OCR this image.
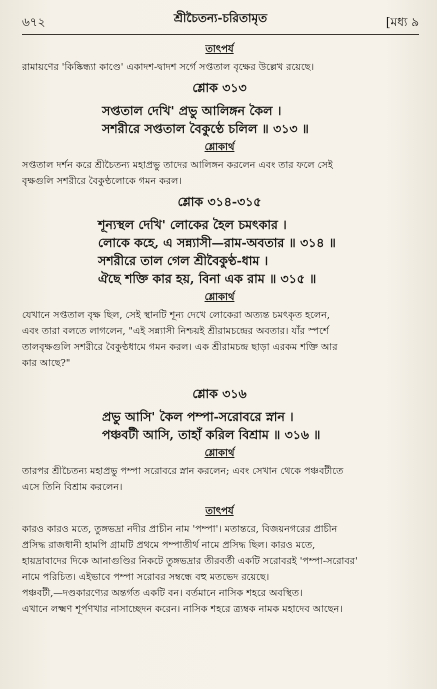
৬৭২	শ্রীচৈতন্য-চরিতামৃত	[মধ্য ৯
তাৎপর্য
রামায়ণের 'কিষ্কিন্ধ্যা কাণ্ডে' একাদশ-দ্বাদশ সর্গে সপ্ততাল বৃক্ষের উল্লেখ রয়েছে।
শ্লোক ৩১৩
সপ্ততাল দেখি' প্রভু আলিঙ্গন কৈল ।
সশরীরে সপ্ততাল বৈকুণ্ঠে চলিল ॥ ৩১৩ ॥
শ্লোকার্থ
সপ্ততাল দর্শন করে শ্রীচৈতন্য মহাপ্রভু তাদের আলিঙ্গন করলেন এবং তার ফলে সেই
বৃক্ষগুলি সশরীরে বৈকুণ্ঠলোকে গমন করল।
শ্লোক ৩১৪-৩১৫
শূন্যস্থল দেখি' লোকের হৈল চমৎকার ।
লোকে কহে, এ সন্ন্যাসী—রাম-অবতার ॥ ৩১৪ ॥
সশরীরে তাল গেল শ্রীবৈকুণ্ঠ-ধাম ।
ঐছে শক্তি কার হয়, বিনা এক রাম ॥ ৩১৫ ॥
শ্লোকার্থ
যেখানে সপ্ততাল বৃক্ষ ছিল, সেই স্থানটি শূন্য দেখে লোকেরা অত্যন্ত চমৎকৃত হলেন,
এবং তারা বলতে লাগলেন, "এই সন্ন্যাসী নিশ্চয়ই শ্রীরামচন্দ্রের অবতার। যাঁর স্পর্শে
তালবৃক্ষগুলি সশরীরে বৈকুণ্ঠধামে গমন করল। এক শ্রীরামচন্দ্র ছাড়া এরকম শক্তি আর
কার আছে?"
শ্লোক ৩১৬
প্রভু আসি' কৈল পম্পা-সরোবরে স্নান ।
পঞ্চবটী আসি, তাহাঁ করিল বিশ্রাম ॥ ৩১৬ ॥
শ্লোকার্থ
তারপর শ্রীচৈতন্য মহাপ্রভু পম্পা সরোবরে স্নান করলেন; এবং সেখান থেকে পঞ্চবটীতে
এসে তিনি বিশ্রাম করলেন।
তাৎপর্য
কারও কারও মতে, তুঙ্গভদ্রা নদীর প্রাচীন নাম 'পম্পা'। মতান্তরে, বিজয়নগরের প্রাচীন
প্রসিদ্ধ রাজধানী হামপি গ্রামটি প্রথমে পম্পাতীর্থ নামে প্রসিদ্ধ ছিল। কারও মতে,
হায়দ্রাবাদের দিকে আনাগুণ্ডির নিকটে তুঙ্গভদ্রার তীরবর্তী একটি সরোবরই 'পম্পা-সরোবর'
নামে পরিচিত। এইভাবে পম্পা সরোবর সম্বন্ধে বহু মতভেদ রয়েছে।
পঞ্চবটী,—দণ্ডকারণ্যের অন্তর্গত একটি বন। বর্তমানে নাসিক শহরে অবস্থিত।
এখানে লক্ষ্মণ শূর্পণখার নাসাচ্ছেদন করেন। নাসিক শহরে ত্র্যম্বক নামক মহাদেব আছেন।
